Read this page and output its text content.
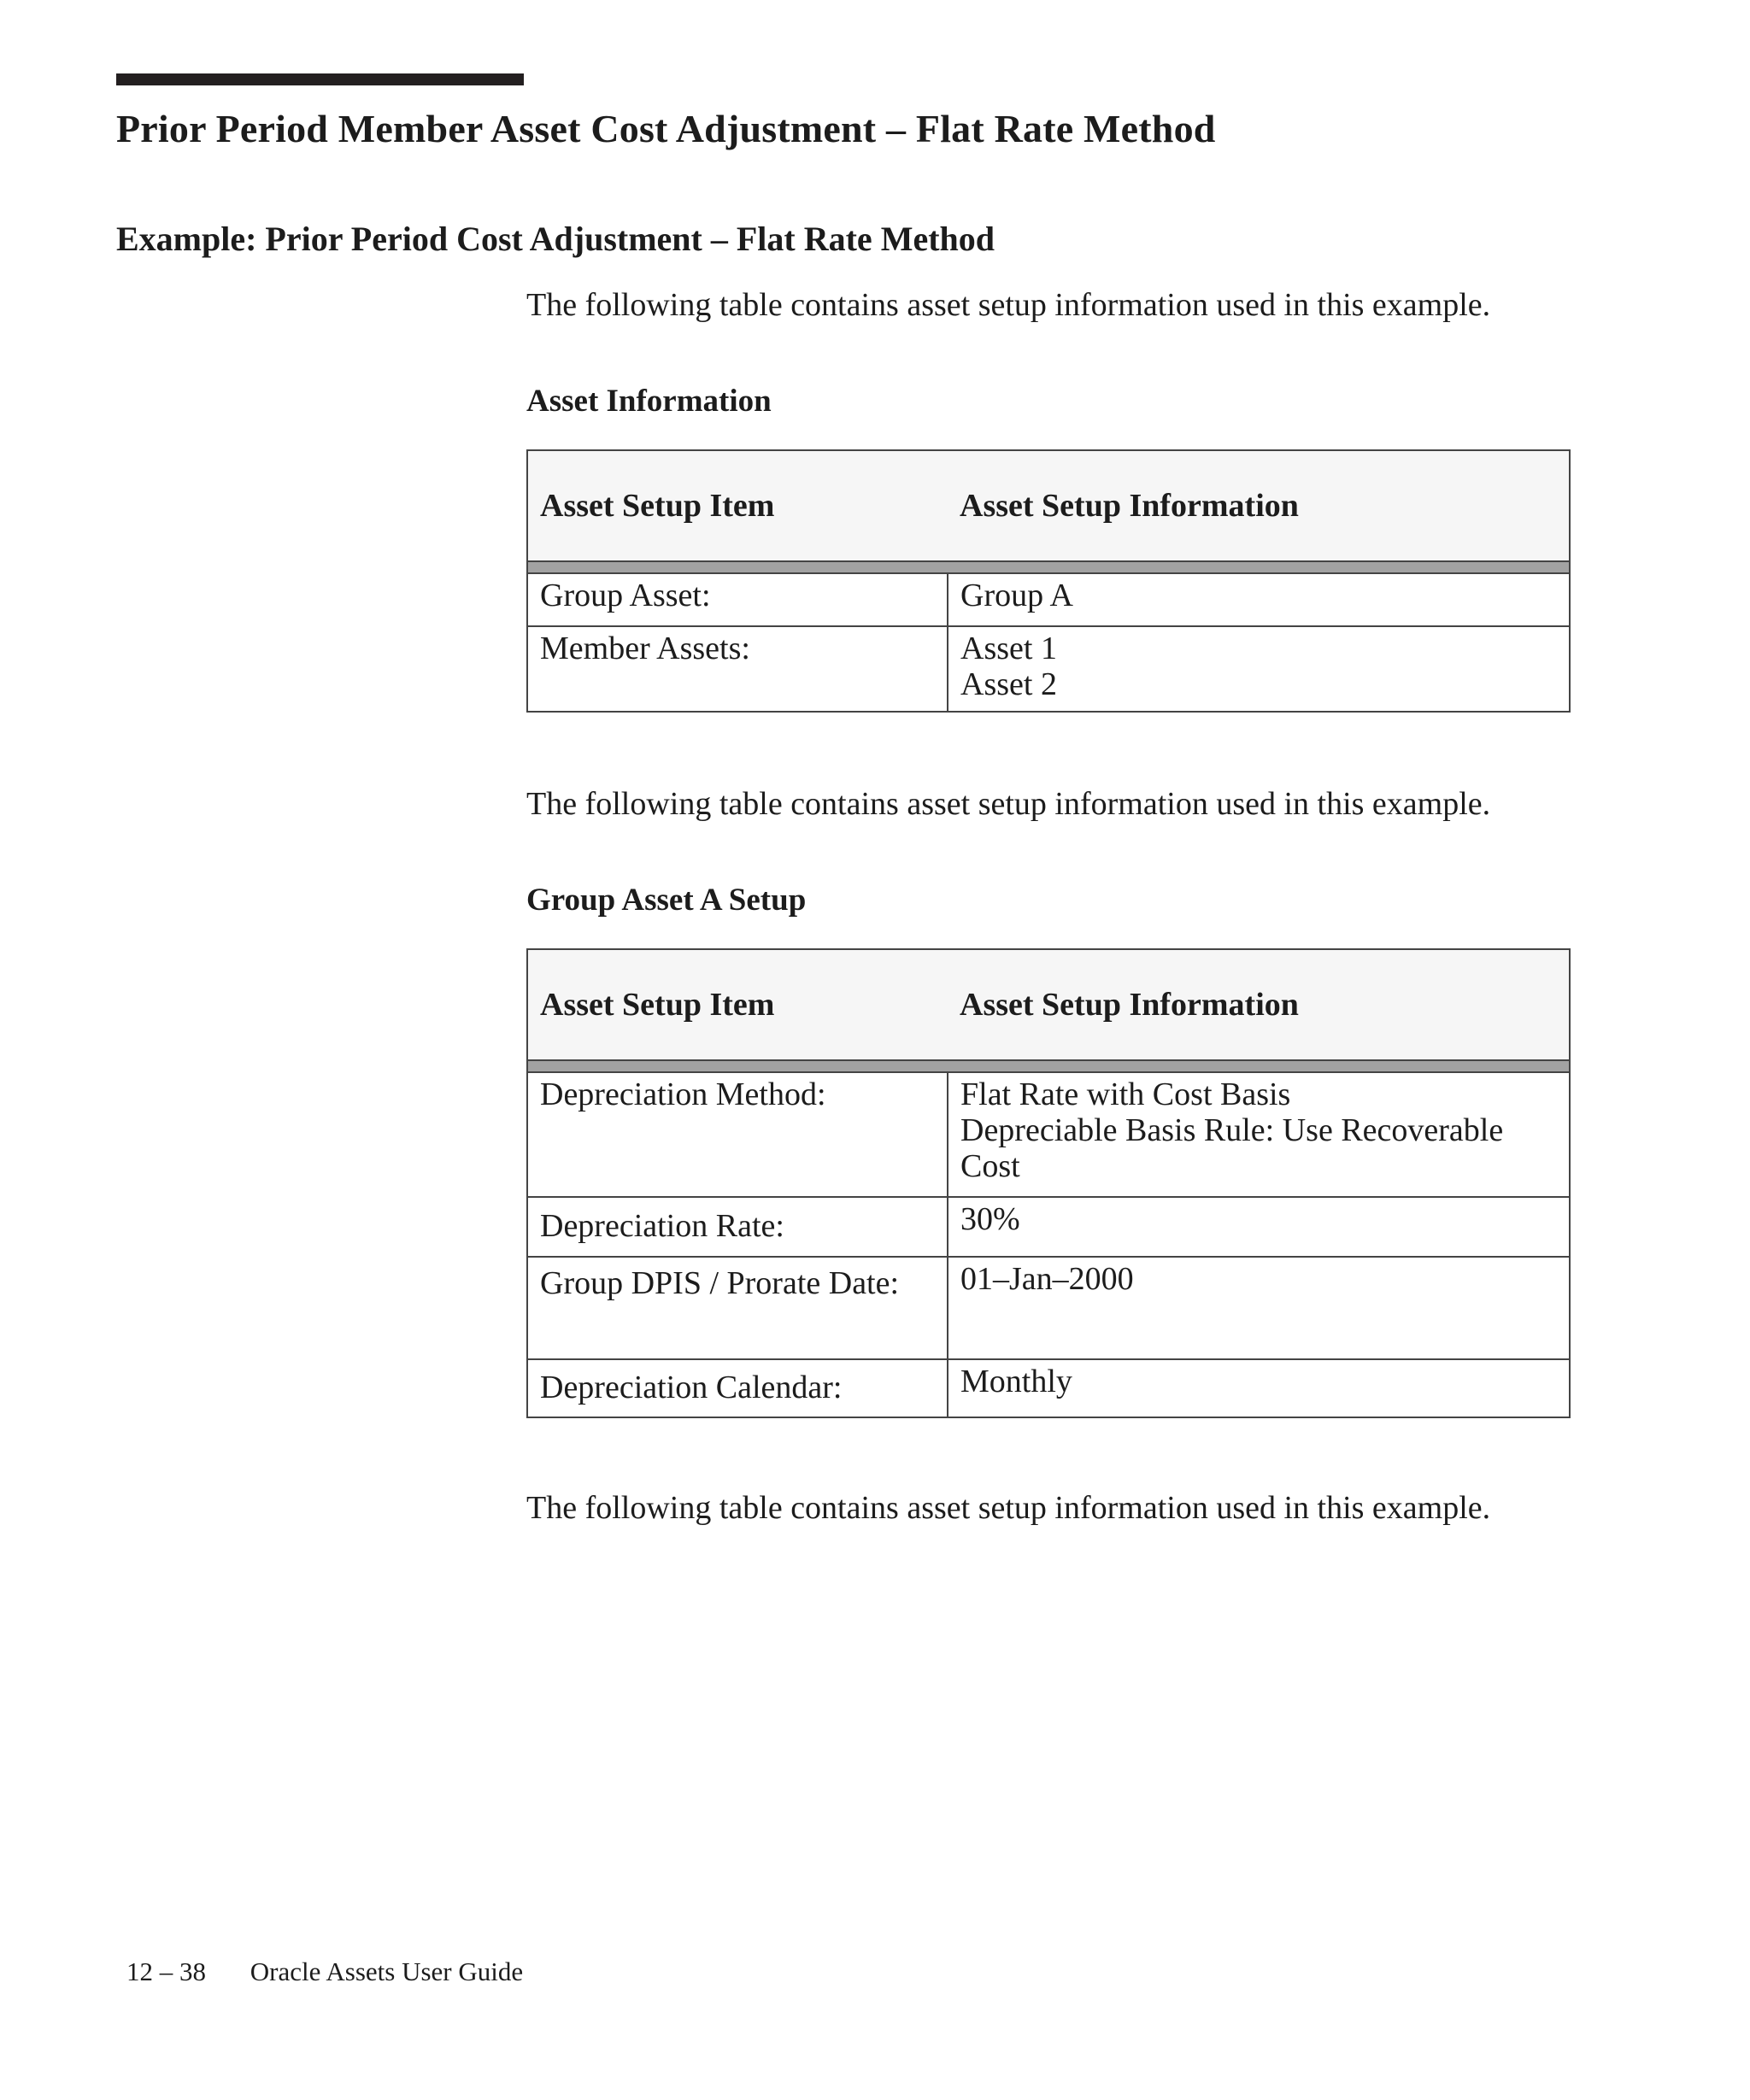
Prior Period Member Asset Cost Adjustment – Flat Rate Method
Example: Prior Period Cost Adjustment – Flat Rate Method

The following table contains asset setup information used in this example.

Asset Information

Asset Setup Item	Asset Setup Information

Group Asset:	Group A

Member Assets:	Asset 1
Asset 2

The following table contains asset setup information used in this example.

Group Asset A Setup

Asset Setup Item	Asset Setup Information

Depreciation Method:	Flat Rate with Cost Basis
Depreciable Basis Rule: Use Recoverable Cost

Depreciation Rate:	30%

Group DPIS / Prorate Date:	01–Jan–2000

Depreciation Calendar:	Monthly

The following table contains asset setup information used in this example.

12 – 38 Oracle Assets User Guide
